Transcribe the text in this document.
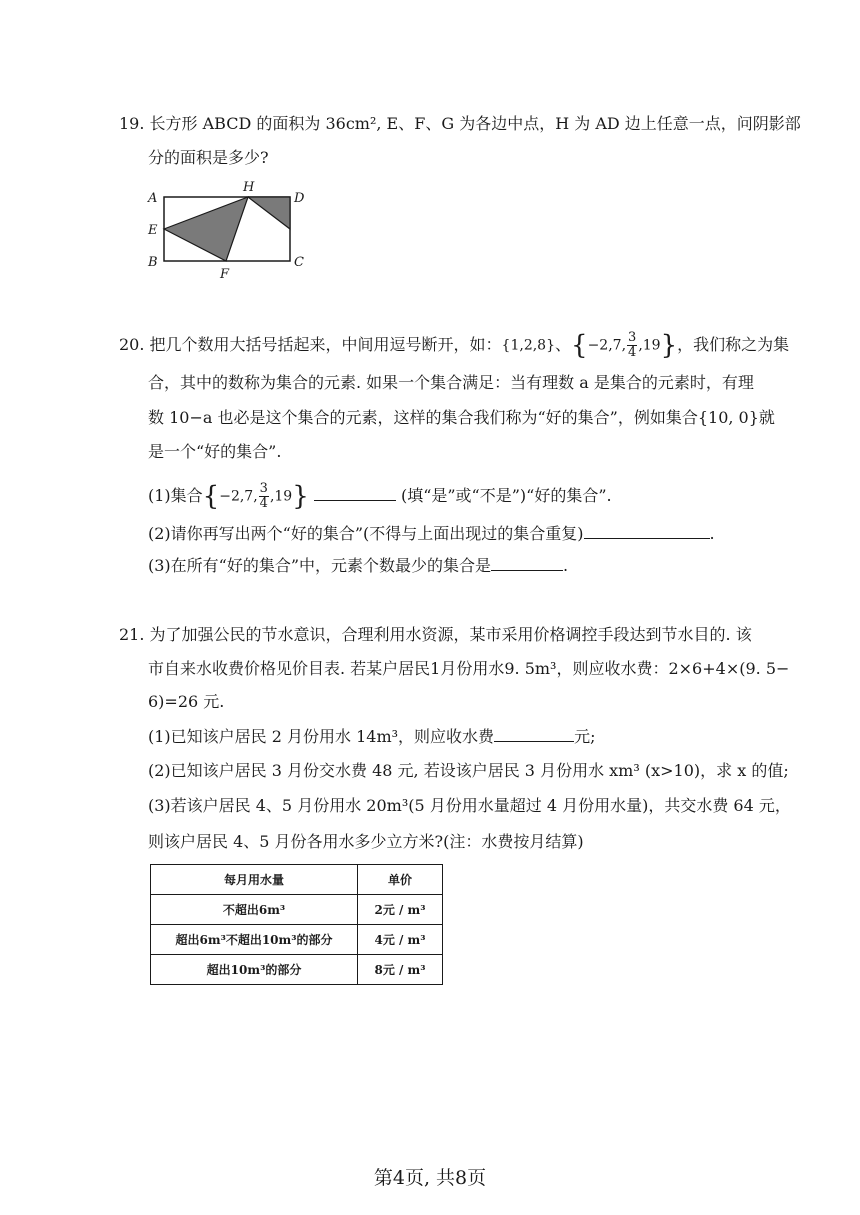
19. 长方形 ABCD 的面积为 36cm², E、F、G 为各边中点，H 为 AD 边上任意一点，问阴影部
分的面积是多少?
A
H
D
E
B
F
C
20. 把几个数用大括号括起来，中间用逗号断开，如：{1,2,8}、{−2,7, $\frac{3}{4} ,19$}，我们称之为集
合，其中的数称为集合的元素. 如果一个集合满足：当有理数 a 是集合的元素时，有理
数 10−a 也必是这个集合的元素，这样的集合我们称为“好的集合”，例如集合{10, 0}就
是一个“好的集合”.
(1)集合{−2,7, $\frac{3}{4} ,19$}	(填“是”或“不是”)“好的集合”.
(2)请你再写出两个“好的集合”(不得与上面出现过的集合重复)	.
(3)在所有“好的集合”中，元素个数最少的集合是	.
21. 为了加强公民的节水意识，合理利用水资源，某市采用价格调控手段达到节水目的. 该
市自来水收费价格见价目表. 若某户居民1月份用水9. 5m³，则应收水费：2×6+4×(9. 5−
6)=26 元.
(1)已知该户居民 2 月份用水 14m³，则应收水费	元;
(2)已知该户居民 3 月份交水费 48 元, 若设该户居民 3 月份用水 xm³ (x>10)，求 x 的值;
(3)若该户居民 4、5 月份用水 20m³(5 月份用水量超过 4 月份用水量)，共交水费 64 元，
则该户居民 4、5 月份各用水多少立方米?(注：水费按月结算)
每月用水量	单价
不超出6m³	2元 / m³
超出6m³不超出10m³的部分	4元 / m³
超出10m³的部分	8元 / m³
第4页, 共8页
